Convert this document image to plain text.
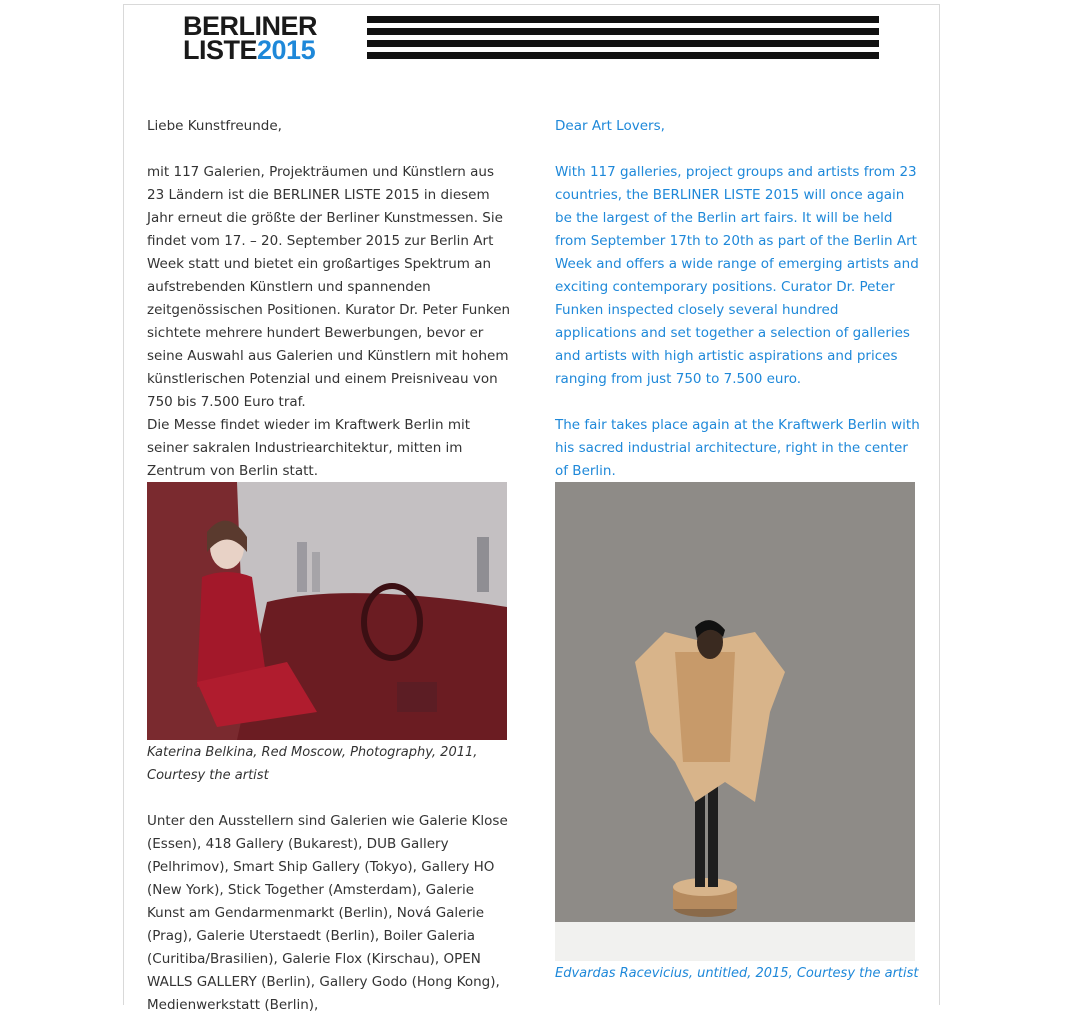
BERLINER
LISTE2015

Liebe Kunstfreunde,

mit 117 Galerien, Projekträumen und Künstlern aus 23 Ländern ist die BERLINER LISTE 2015 in diesem Jahr erneut die größte der Berliner Kunstmessen. Sie findet vom 17. – 20. September 2015 zur Berlin Art Week statt und bietet ein großartiges Spektrum an aufstrebenden Künstlern und spannenden zeitgenössischen Positionen. Kurator Dr. Peter Funken sichtete mehrere hundert Bewerbungen, bevor er seine Auswahl aus Galerien und Künstlern mit hohem künstlerischen Potenzial und einem Preisniveau von 750 bis 7.500 Euro traf.

Die Messe findet wieder im Kraftwerk Berlin mit seiner sakralen Industriearchitektur, mitten im Zentrum von Berlin statt.

Dear Art Lovers,

With 117 galleries, project groups and artists from 23 countries, the BERLINER LISTE 2015 will once again be the largest of the Berlin art fairs. It will be held from September 17th to 20th as part of the Berlin Art Week and offers a wide range of emerging artists and exciting contemporary positions. Curator Dr. Peter Funken inspected closely several hundred applications and set together a selection of galleries and artists with high artistic aspirations and prices ranging from just 750 to 7.500 euro.

The fair takes place again at the Kraftwerk Berlin with his sacred industrial architecture, right in the center of Berlin.

Katerina Belkina, Red Moscow, Photography, 2011, Courtesy the artist
Edvardas Racevicius, untitled, 2015, Courtesy the artist
Unter den Ausstellern sind Galerien wie Galerie Klose (Essen), 418 Gallery (Bukarest), DUB Gallery (Pelhrimov), Smart Ship Gallery (Tokyo), Gallery HO (New York), Stick Together (Amsterdam), Galerie Kunst am Gendarmenmarkt (Berlin), Nová Galerie (Prag), Galerie Uterstaedt (Berlin), Boiler Galeria (Curitiba/Brasilien), Galerie Flox (Kirschau), OPEN WALLS GALLERY (Berlin), Gallery Godo (Hong Kong), Medienwerkstatt (Berlin),
